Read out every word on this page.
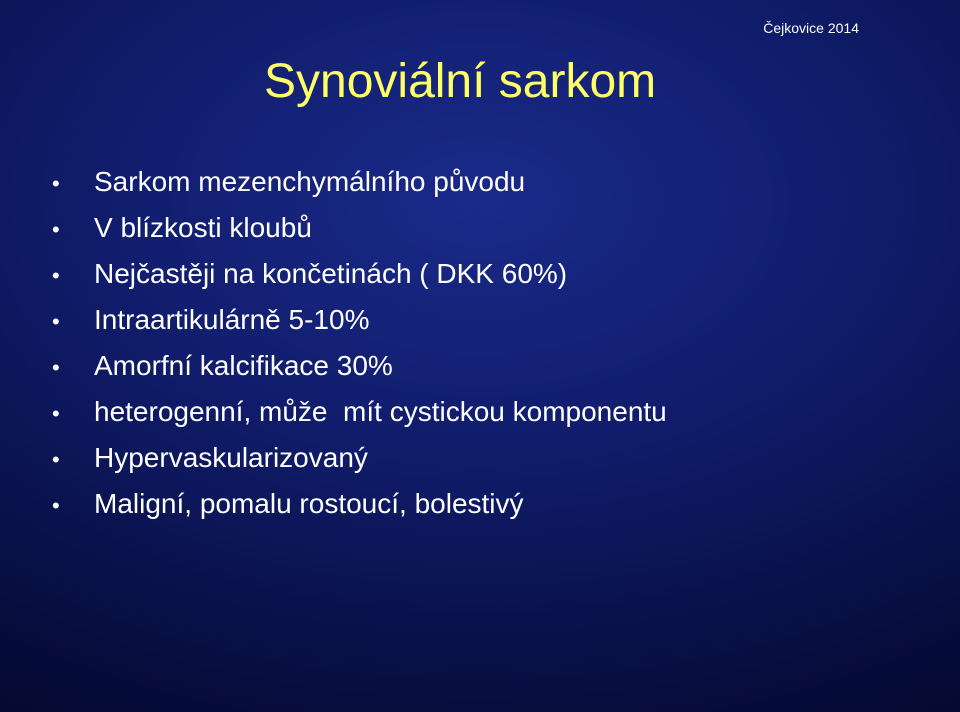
Čejkovice 2014
Synoviální sarkom
•	Sarkom mezenchymálního původu
•	V blízkosti kloubů
•	Nejčastěji na končetinách ( DKK 60%)
•	Intraartikulárně 5-10%
•	Amorfní kalcifikace 30%
•	heterogenní, může  mít cystickou komponentu
•	Hypervaskularizovaný
•	Maligní, pomalu rostoucí, bolestivý
